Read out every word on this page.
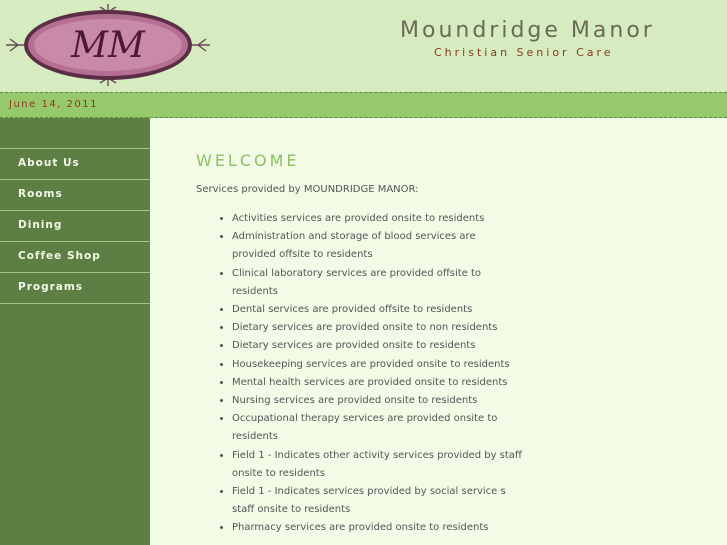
MM	Moundridge Manor
Christian Senior Care
June 14, 2011
About Us
Rooms
Dining
Coffee Shop
Programs
WELCOME

Services provided by MOUNDRIDGE MANOR:

• Activities services are provided onsite to residents
• Administration and storage of blood services are provided offsite to residents
• Clinical laboratory services are provided offsite to residents
• Dental services are provided offsite to residents
• Dietary services are provided onsite to non residents
• Dietary services are provided onsite to residents
• Housekeeping services are provided onsite to residents
• Mental health services are provided onsite to residents
• Nursing services are provided onsite to residents
• Occupational therapy services are provided onsite to residents
• Field 1 - Indicates other activity services provided by staff onsite to residents
• Field 1 - Indicates services provided by social service s staff onsite to residents
• Pharmacy services are provided onsite to residents
